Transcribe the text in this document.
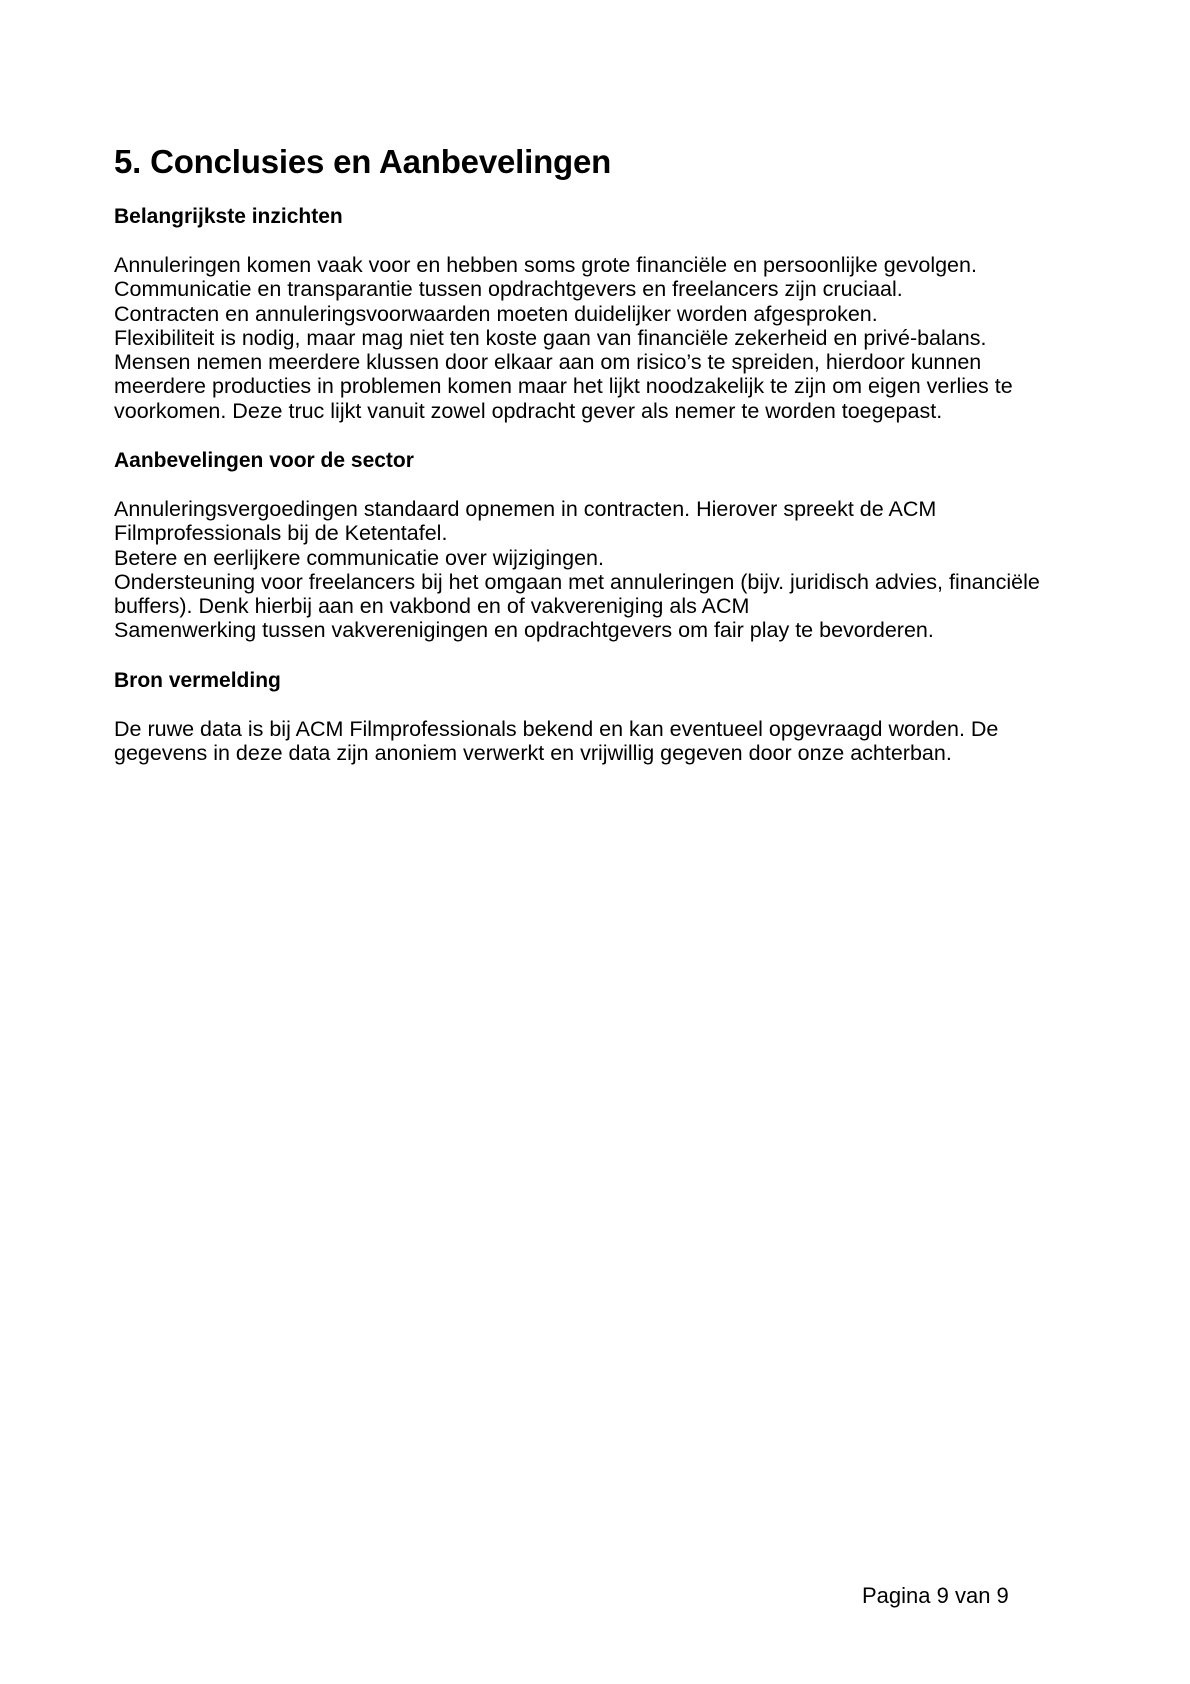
5. Conclusies en Aanbevelingen
Belangrijkste inzichten
Annuleringen komen vaak voor en hebben soms grote financiële en persoonlijke gevolgen.
Communicatie en transparantie tussen opdrachtgevers en freelancers zijn cruciaal.
Contracten en annuleringsvoorwaarden moeten duidelijker worden afgesproken.
Flexibiliteit is nodig, maar mag niet ten koste gaan van financiële zekerheid en privé-balans.
Mensen nemen meerdere klussen door elkaar aan om risico’s te spreiden, hierdoor kunnen
meerdere producties in problemen komen maar het lijkt noodzakelijk te zijn om eigen verlies te
voorkomen. Deze truc lijkt vanuit zowel opdracht gever als nemer te worden toegepast.
Aanbevelingen voor de sector
Annuleringsvergoedingen standaard opnemen in contracten. Hierover spreekt de ACM
Filmprofessionals bij de Ketentafel.
Betere en eerlijkere communicatie over wijzigingen.
Ondersteuning voor freelancers bij het omgaan met annuleringen (bijv. juridisch advies, financiële
buffers). Denk hierbij aan en vakbond en of vakvereniging als ACM
Samenwerking tussen vakverenigingen en opdrachtgevers om fair play te bevorderen.
Bron vermelding
De ruwe data is bij ACM Filmprofessionals bekend en kan eventueel opgevraagd worden. De
gegevens in deze data zijn anoniem verwerkt en vrijwillig gegeven door onze achterban.
Pagina 9 van 9
